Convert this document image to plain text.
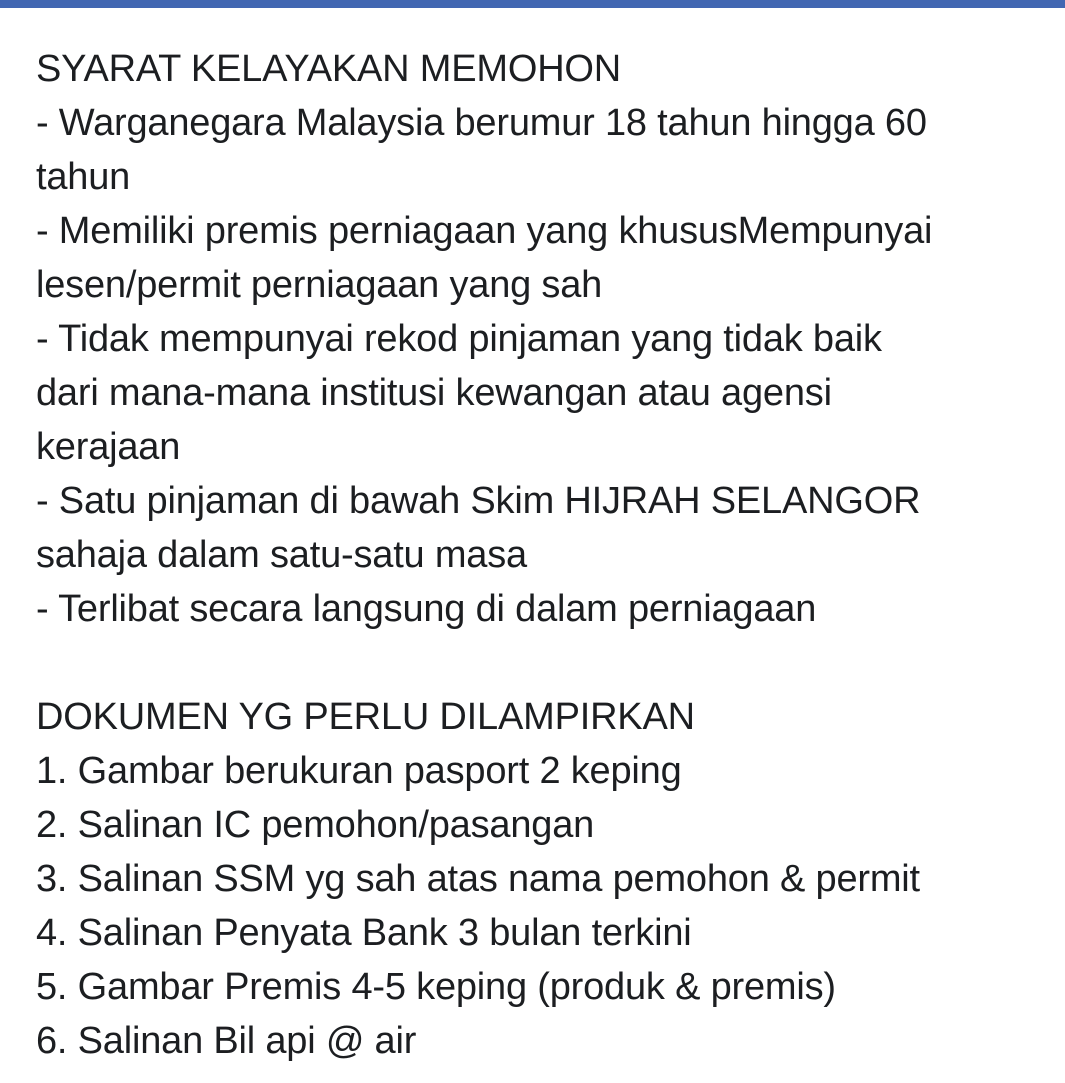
SYARAT KELAYAKAN MEMOHON
- Warganegara Malaysia berumur 18 tahun hingga 60
tahun
- Memiliki premis perniagaan yang khususMempunyai
lesen/permit perniagaan yang sah
- Tidak mempunyai rekod pinjaman yang tidak baik
dari mana-mana institusi kewangan atau agensi
kerajaan
- Satu pinjaman di bawah Skim HIJRAH SELANGOR
sahaja dalam satu-satu masa
- Terlibat secara langsung di dalam perniagaan
DOKUMEN YG PERLU DILAMPIRKAN
1. Gambar berukuran pasport 2 keping
2. Salinan IC pemohon/pasangan
3. Salinan SSM yg sah atas nama pemohon & permit
4. Salinan Penyata Bank 3 bulan terkini
5. Gambar Premis 4-5 keping (produk & premis)
6. Salinan Bil api @ air
